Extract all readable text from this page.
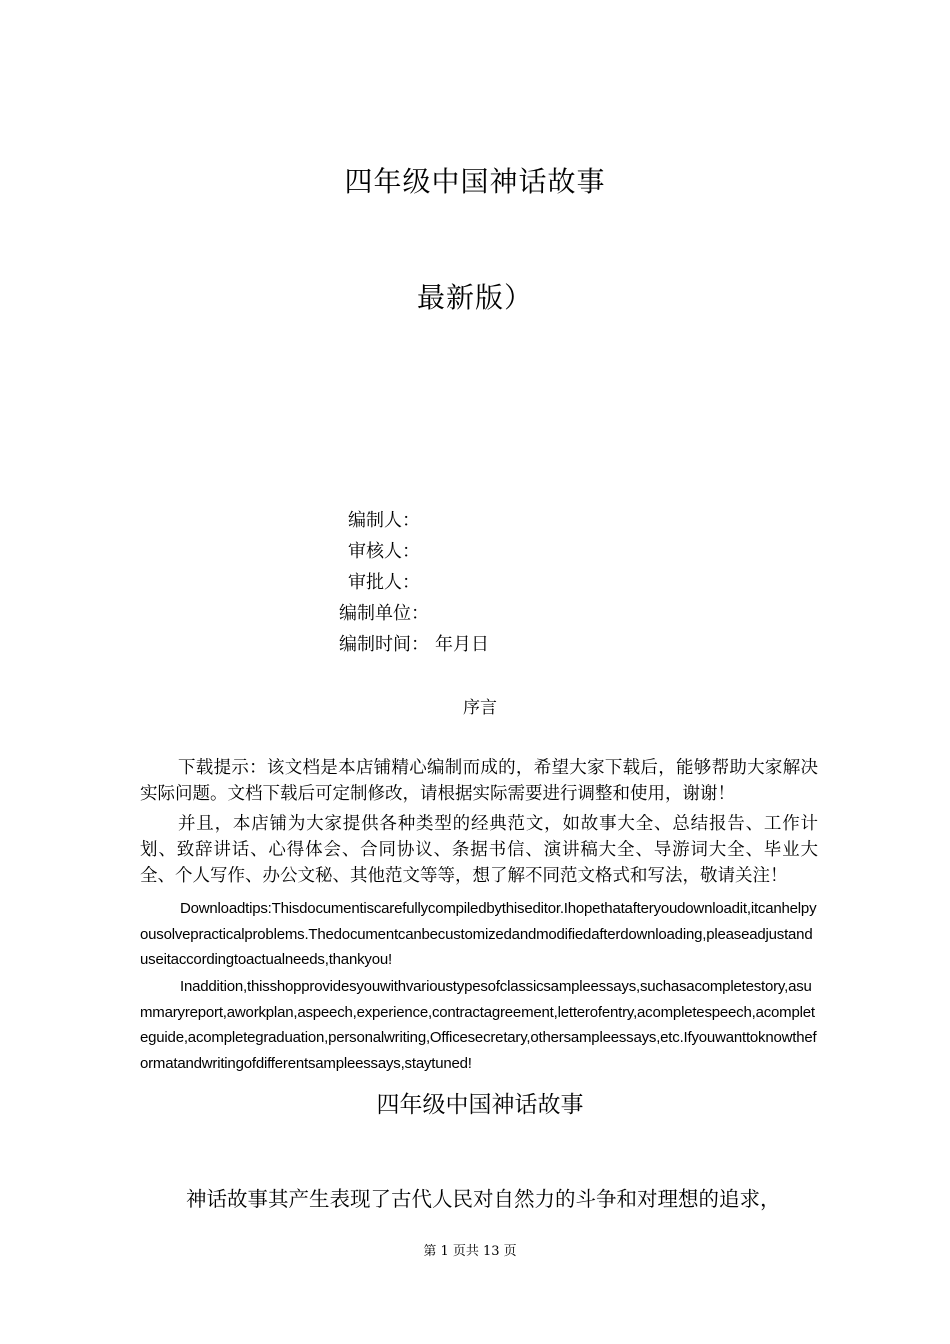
四年级中国神话故事
最新版）
编制人：
审核人：
审批人：
编制单位：
编制时间： 年月日
序言
下载提示：该文档是本店铺精心编制而成的，希望大家下载后，能够帮助大家解决实际问题。文档下载后可定制修改，请根据实际需要进行调整和使用，谢谢！
并且，本店铺为大家提供各种类型的经典范文，如故事大全、总结报告、工作计划、致辞讲话、心得体会、合同协议、条据书信、演讲稿大全、导游词大全、毕业大全、个人写作、办公文秘、其他范文等等，想了解不同范文格式和写法，敬请关注！
Downloadtips:Thisdocumentiscarefullycompiledbythiseditor.Ihopethatafteryoudownloadit,itcanhelpyousolvepracticalproblems.Thedocumentcanbecustomizedandmodifiedafterdownloading,pleaseadjustanduseitaccordingtoactualneeds,thankyou!
Inaddition,thisshopprovidesyouwithvarioustypesofclassicsampleessays,suchasacompletestory,asummaryreport,aworkplan,aspeech,experience,contractagreement,letterofentry,acompletespeech,acompleteguide,acompletegraduation,personalwriting,Officesecretary,othersampleessays,etc.Ifyouwanttoknowtheformatandwritingofdifferentsampleessays,staytuned!
四年级中国神话故事
神话故事其产生表现了古代人民对自然力的斗争和对理想的追求，
第 1 页共 13 页
